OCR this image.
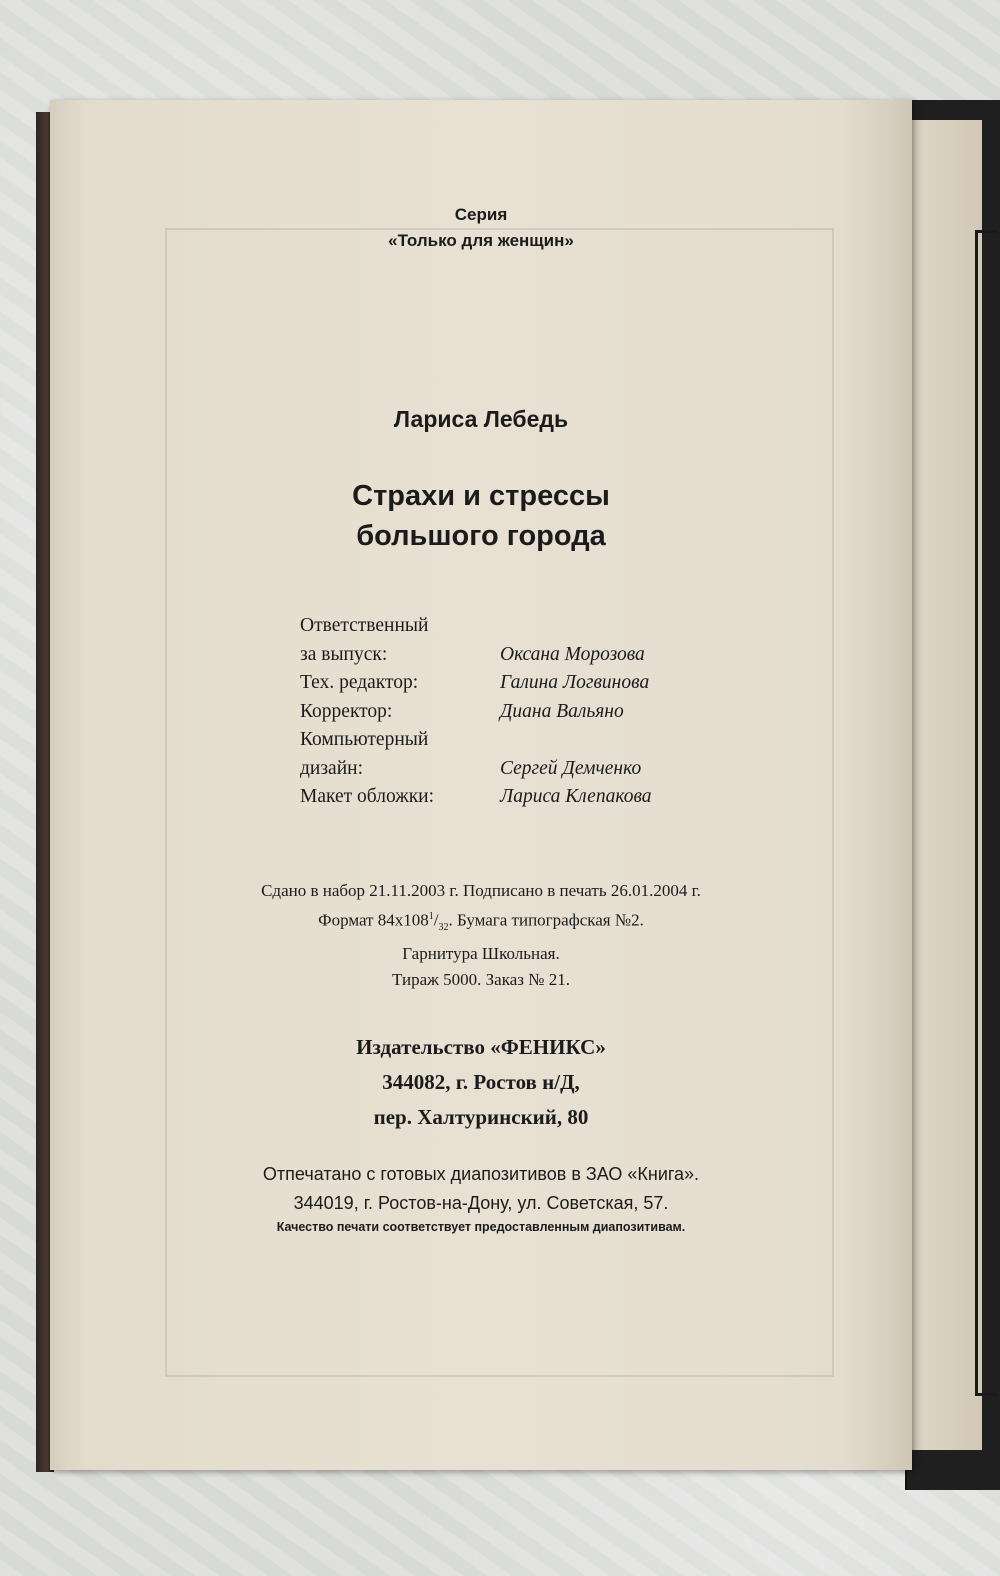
Серия
«Только для женщин»
Лариса Лебедь
Страхи и стрессы
большого города
Ответственный
за выпуск:	Оксана Морозова
Тех. редактор:	Галина Логвинова
Корректор:	Диана Вальяно
Компьютерный
дизайн:	Сергей Демченко
Макет обложки:	Лариса Клепакова
Сдано в набор 21.11.2003 г. Подписано в печать 26.01.2004 г.
Формат $84x108^1/_{32}$. Бумага типографская №2.
Гарнитура Школьная.
Тираж 5000. Заказ № 21.
Издательство «ФЕНИКС»
344082, г. Ростов н/Д,
пер. Халтуринский, 80
Отпечатано с готовых диапозитивов в ЗАО «Книга».
344019, г. Ростов-на-Дону, ул. Советская, 57.
Качество печати соответствует предоставленным диапозитивам.
